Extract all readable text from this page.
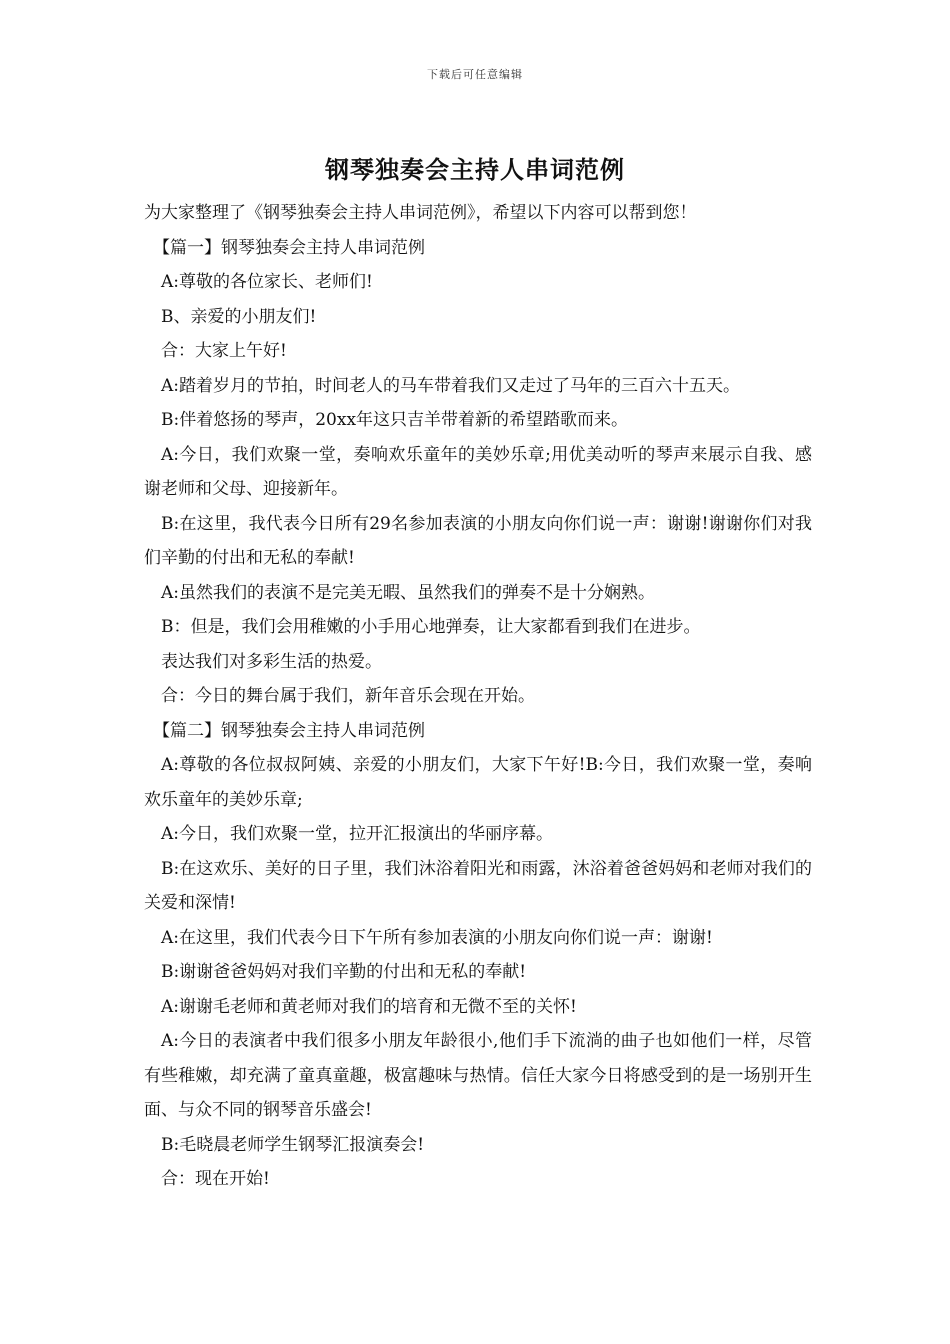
下载后可任意编辑
钢琴独奏会主持人串词范例

为大家整理了《钢琴独奏会主持人串词范例》，希望以下内容可以帮到您！

【篇一】钢琴独奏会主持人串词范例

A:尊敬的各位家长、老师们!

B、亲爱的小朋友们!

合：大家上午好!

A:踏着岁月的节拍，时间老人的马车带着我们又走过了马年的三百六十五天。

B:伴着悠扬的琴声，20xx年这只吉羊带着新的希望踏歌而来。

A:今日，我们欢聚一堂，奏响欢乐童年的美妙乐章;用优美动听的琴声来展示自我、感谢老师和父母、迎接新年。

B:在这里，我代表今日所有29名参加表演的小朋友向你们说一声：谢谢!谢谢你们对我们辛勤的付出和无私的奉献!

A:虽然我们的表演不是完美无暇、虽然我们的弹奏不是十分娴熟。

B：但是，我们会用稚嫩的小手用心地弹奏，让大家都看到我们在进步。

表达我们对多彩生活的热爱。

合：今日的舞台属于我们，新年音乐会现在开始。

【篇二】钢琴独奏会主持人串词范例

A:尊敬的各位叔叔阿姨、亲爱的小朋友们，大家下午好!B:今日，我们欢聚一堂，奏响欢乐童年的美妙乐章;

A:今日，我们欢聚一堂，拉开汇报演出的华丽序幕。

B:在这欢乐、美好的日子里，我们沐浴着阳光和雨露，沐浴着爸爸妈妈和老师对我们的关爱和深情!

A:在这里，我们代表今日下午所有参加表演的小朋友向你们说一声：谢谢!

B:谢谢爸爸妈妈对我们辛勤的付出和无私的奉献!

A:谢谢毛老师和黄老师对我们的培育和无微不至的关怀!

A:今日的表演者中我们很多小朋友年龄很小,他们手下流淌的曲子也如他们一样，尽管有些稚嫩，却充满了童真童趣，极富趣味与热情。信任大家今日将感受到的是一场别开生面、与众不同的钢琴音乐盛会!

B:毛晓晨老师学生钢琴汇报演奏会!

合：现在开始!
